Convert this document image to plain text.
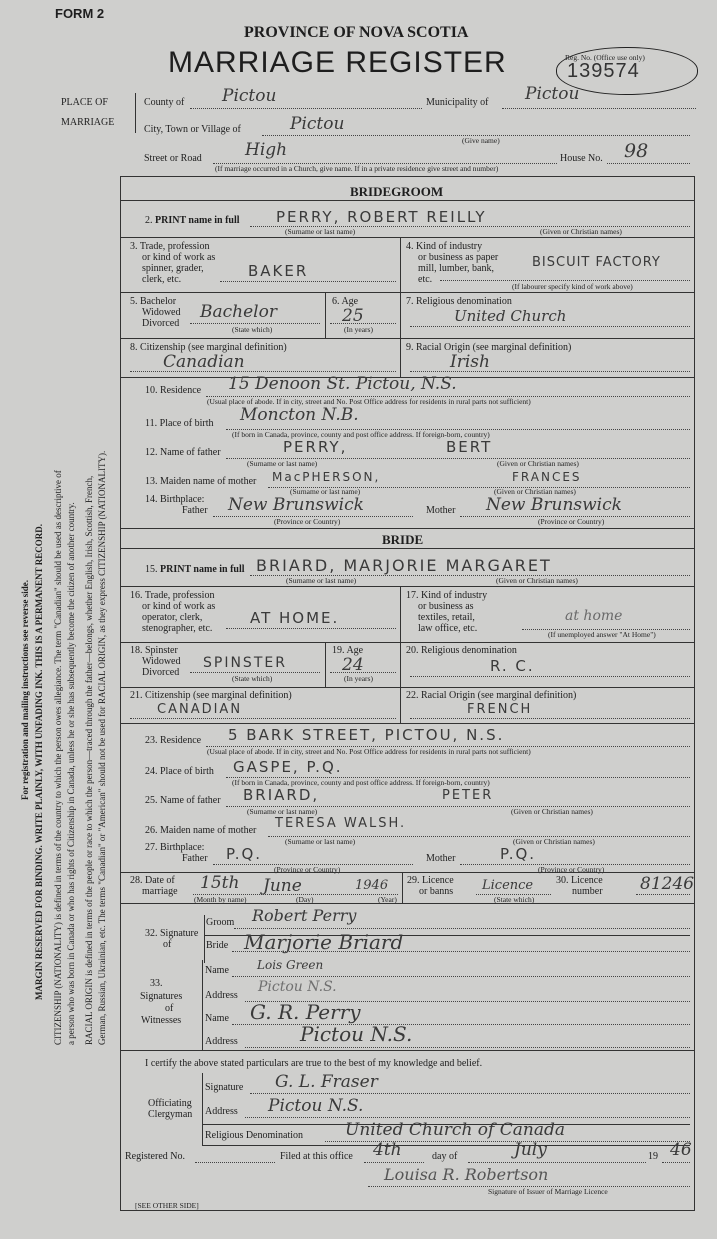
FORM 2
PROVINCE OF NOVA SCOTIA
MARRIAGE REGISTER	Reg. No. (Office use only)
139574
For registration and mailing instructions see reverse side. MARGIN RESERVED FOR BINDING. WRITE PLAINLY, WITH UNFADING INK. THIS IS A PERMANENT RECORD. CITIZENSHIP (NATIONALITY) is defined in terms of the country to which the person owes allegiance. The term "Canadian" should be used as descriptive of a person who was born in Canada or who has rights of Citizenship in Canada, unless he or she has subsequently become the citizen of another country. RACIAL ORIGIN is defined in terms of the people or race to which the person—traced through the father—belongs, whether English, Irish, Scottish, French, German, Russian, Ukrainian, etc. The terms "Canadian" or "American" should not be used for RACIAL ORIGIN, as they express CITIZENSHIP (NATIONALITY).
PLACE OF
MARRIAGE
County of Pictou	Municipality of Pictou
City, Town or Village of	Pictou
(Give name)
Street or Road	High	House No. 98
(If marriage occurred in a Church, give name. If in a private residence give street and number)
BRIDEGROOM
2. PRINT name in full PERRY, ROBERT REILLY
(Surname or last name)	(Given or Christian names)
3. Trade, profession
or kind of work as
spinner, grader,
clerk, etc.	BAKER
4. Kind of industry
or business as paper
mill, lumber, bank,
etc.
BISCUIT FACTORY
(If labourer specify kind of work above)
5. Bachelor
Widowed
Divorced
Bachelor
(State which)
6. Age
25
(In years)
7. Religious denomination
United Church
8. Citizenship (see marginal definition)
Canadian
9. Racial Origin (see marginal definition)
Irish
10. Residence 15 Denoon St. Pictou, N.S.
(Usual place of abode. If in city, street and No. Post Office address for residents in rural parts not sufficient)
11. Place of birth Moncton N.B.
(If born in Canada, province, county and post office address. If foreign-born, country)
12. Name of father	PERRY,	BERT
(Surname or last name)	(Given or Christian names)
13. Maiden name of mother MacPHERSON,	FRANCES
(Surname or last name)	(Given or Christian names)
14. Birthplace:
Father New Brunswick	Mother New Brunswick
(Province or Country)	(Province or Country)
BRIDE
15. PRINT name in full BRIARD, MARJORIE MARGARET
(Surname or last name)	(Given or Christian names)
16. Trade, profession
or kind of work as
operator, clerk,
stenographer, etc.
AT HOME.
17. Kind of industry
or business as
textiles, retail,
law office, etc.
at home
(If unemployed answer "At Home")
18. Spinster
Widowed
Divorced
SPINSTER
(State which)
19. Age
24
(In years)
20. Religious denomination
R. C.
21. Citizenship (see marginal definition)
CANADIAN
22. Racial Origin (see marginal definition)
FRENCH
23. Residence 5 BARK STREET, PICTOU, N.S.
(Usual place of abode. If in city, street and No. Post Office address for residents in rural parts not sufficient)
24. Place of birth GASPE, P.Q.
(If born in Canada, province, county and post office address. If foreign-born, country)
25. Name of father BRIARD,	PETER
(Surname or last name)	(Given or Christian names)
26. Maiden name of mother TERESA WALSH.
(Surname or last name)	(Given or Christian names)
27. Birthplace:
Father P.Q.	Mother	P.Q.
(Province or Country)	(Province or Country)
28. Date of
marriage 15th June	1946
(Month by name)	(Day)	(Year)
29. Licence
or banns Licence
(State which)
30. Licence
number 81246
32. Signature
of
Groom Robert Perry
Bride Marjorie Briard
33.
Signatures
of
Witnesses
Name Lois Green
Address
Pictou N.S.
Name G. R. Perry
Address	Pictou N.S.
I certify the above stated particulars are true to the best of my knowledge and belief.
Signature G. L. Fraser
Officiating
Clergyman Address Pictou N.S.
Religious Denomination United Church of Canada
Registered No.	Filed at this office 4th	day of	July	19 46
Louisa R. Robertson
Signature of Issuer of Marriage Licence
[SEE OTHER SIDE]
